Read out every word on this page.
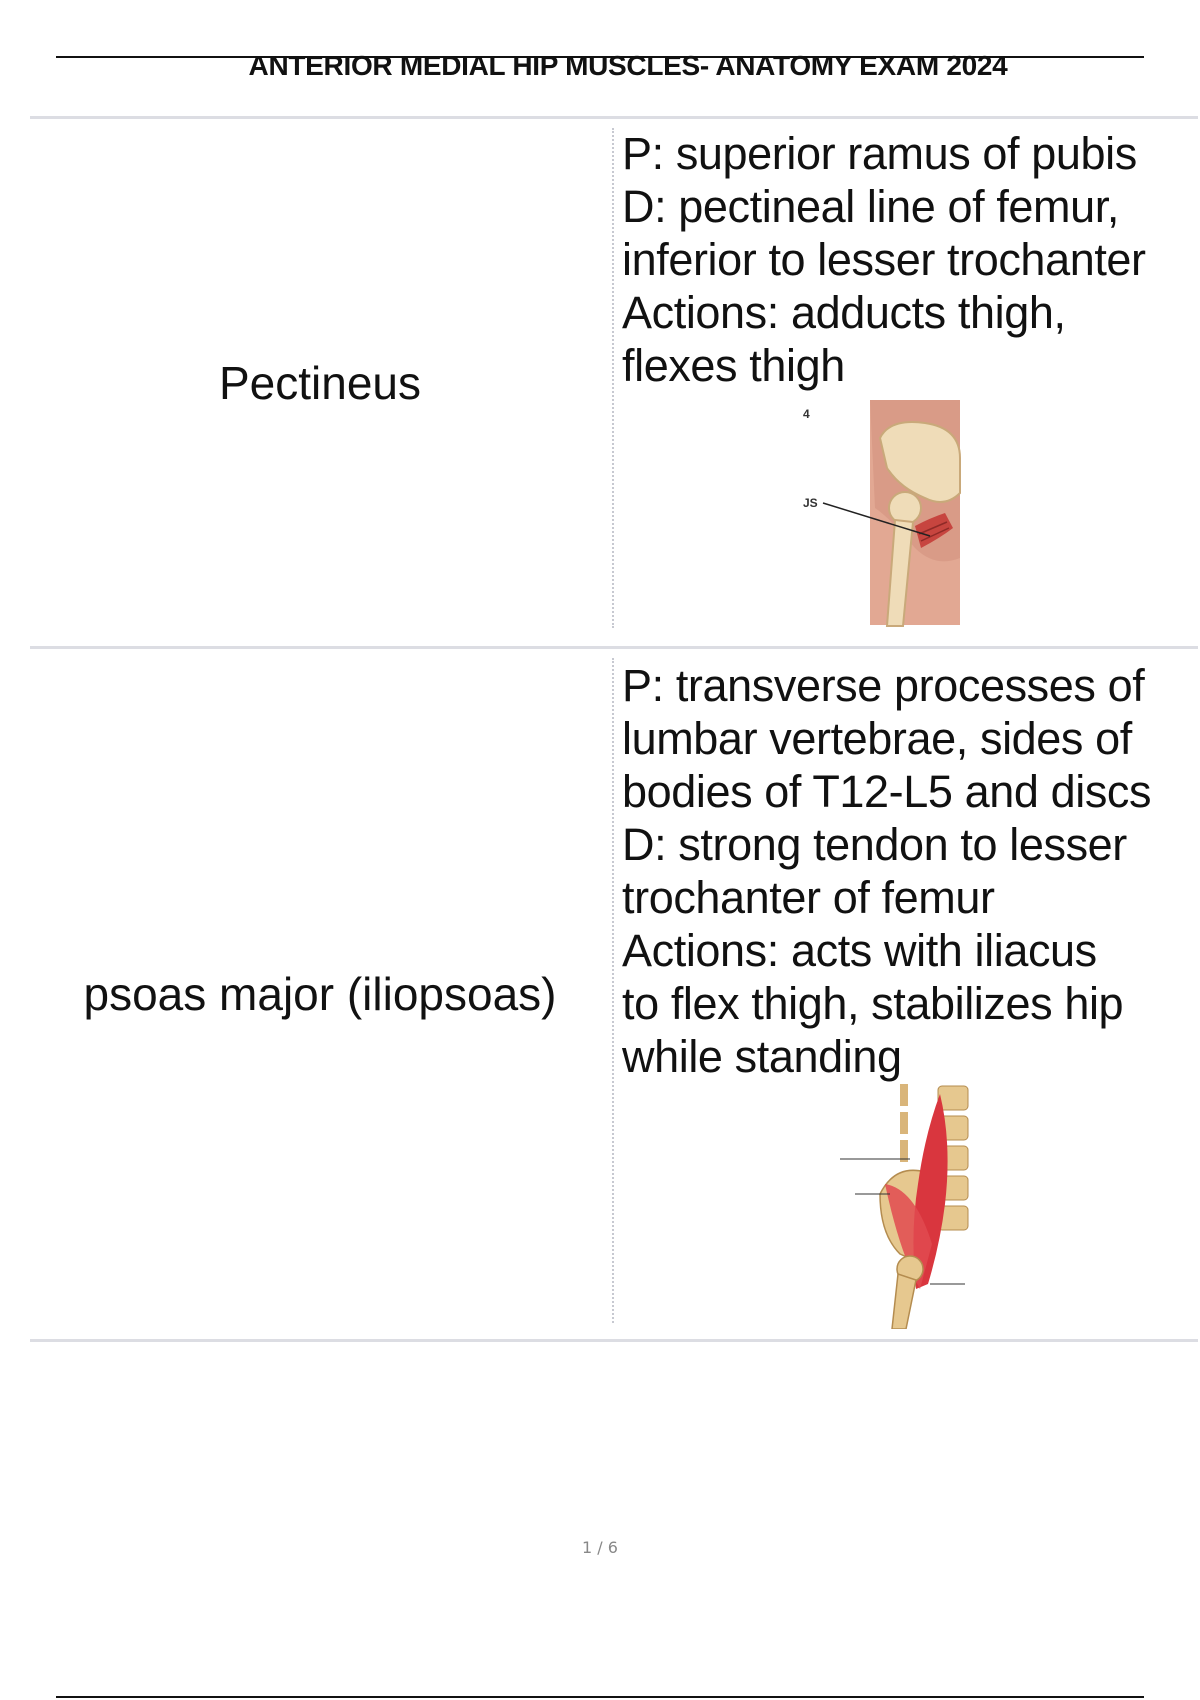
ANTERIOR MEDIAL HIP MUSCLES- ANATOMY EXAM 2024
Pectineus
P: superior ramus of pubis
D: pectineal line of femur,
inferior to lesser trochanter
Actions: adducts thigh,
flexes thigh
4
JS
psoas major (iliopsoas)
P: transverse processes of
lumbar vertebrae, sides of
bodies of T12-L5 and discs
D: strong tendon to lesser
trochanter of femur
Actions: acts with iliacus
to flex thigh, stabilizes hip
while standing
1 / 6
